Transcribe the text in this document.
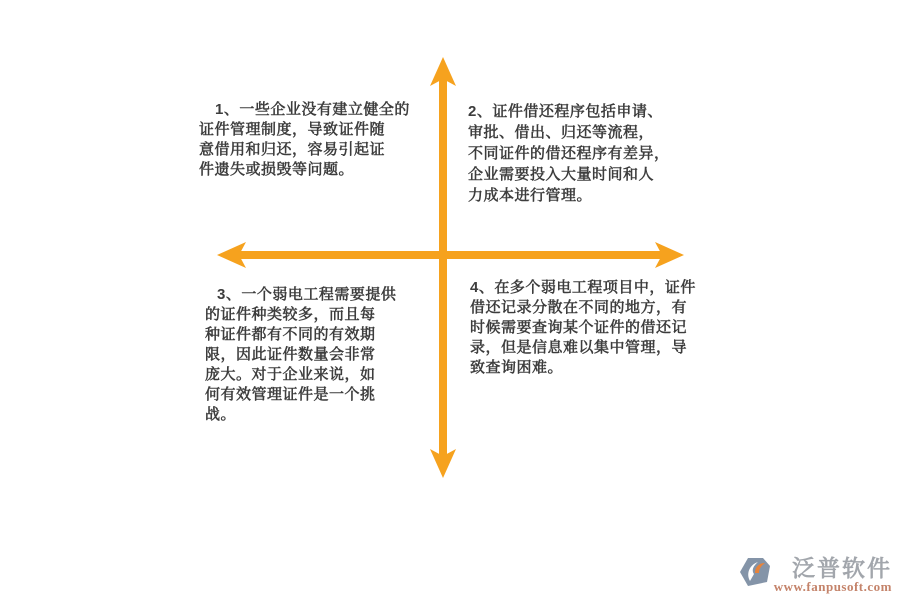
1、一些企业没有建立健全的
证件管理制度，导致证件随
意借用和归还，容易引起证
件遗失或损毁等问题。
2、证件借还程序包括申请、
审批、借出、归还等流程，
不同证件的借还程序有差异，
企业需要投入大量时间和人
力成本进行管理。
3、一个弱电工程需要提供
的证件种类较多，而且每
种证件都有不同的有效期
限，因此证件数量会非常
庞大。对于企业来说，如
何有效管理证件是一个挑
战。
4、在多个弱电工程项目中，证件
借还记录分散在不同的地方，有
时候需要查询某个证件的借还记
录，但是信息难以集中管理，导
致查询困难。
泛普软件
www.fanpusoft.com
